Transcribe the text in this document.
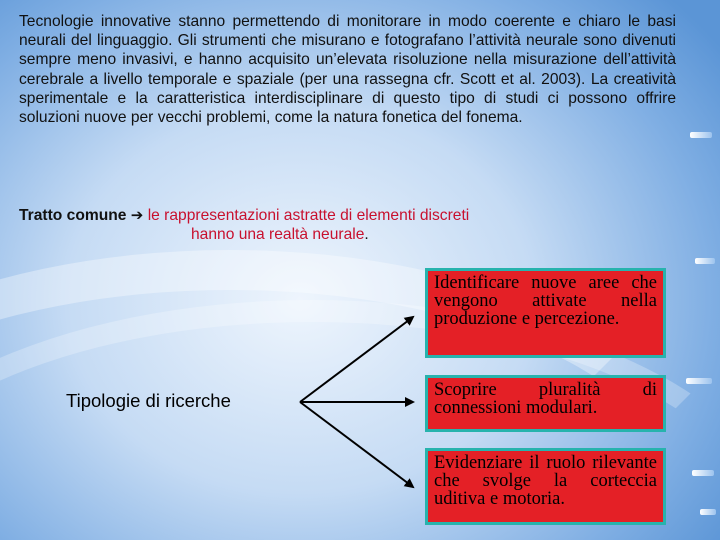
Tecnologie innovative stanno permettendo di monitorare in modo coerente e chiaro le basi neurali del linguaggio. Gli strumenti che misurano e fotografano l’attività neurale sono divenuti sempre meno invasivi, e hanno acquisito un’elevata risoluzione nella misurazione dell’attività cerebrale a livello temporale e spaziale (per una rassegna cfr. Scott et al. 2003). La creatività sperimentale e la caratteristica interdisciplinare di questo tipo di studi ci possono offrire soluzioni nuove per vecchi problemi, come la natura fonetica del fonema.

Tratto comune ➔ le rappresentazioni astratte di elementi discreti
hanno una realtà neurale.
Tipologie di ricerche
Identificare nuove aree che vengono attivate nella produzione e percezione.
Scoprire pluralità di connessioni modulari.
Evidenziare il ruolo rilevante che svolge la corteccia uditiva e motoria.
